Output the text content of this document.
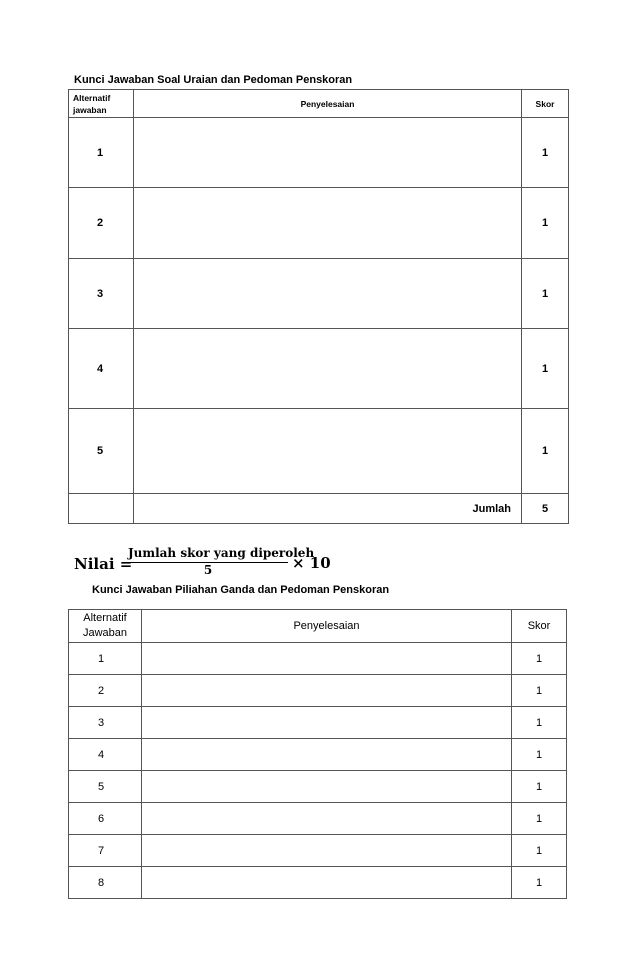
Kunci Jawaban Soal Uraian dan Pedoman Penskoran
Alternatif jawaban	Penyelesaian	Skor
1		1
2		1
3		1
4		1
5		1
	Jumlah	5
Nilai =
Jumlah skor yang diperoleh
5	× 10
Kunci Jawaban Piliahan Ganda dan Pedoman Penskoran
Alternatif Jawaban	Penyelesaian	Skor
1		1
2		1
3		1
4		1
5		1
6		1
7		1
8		1
